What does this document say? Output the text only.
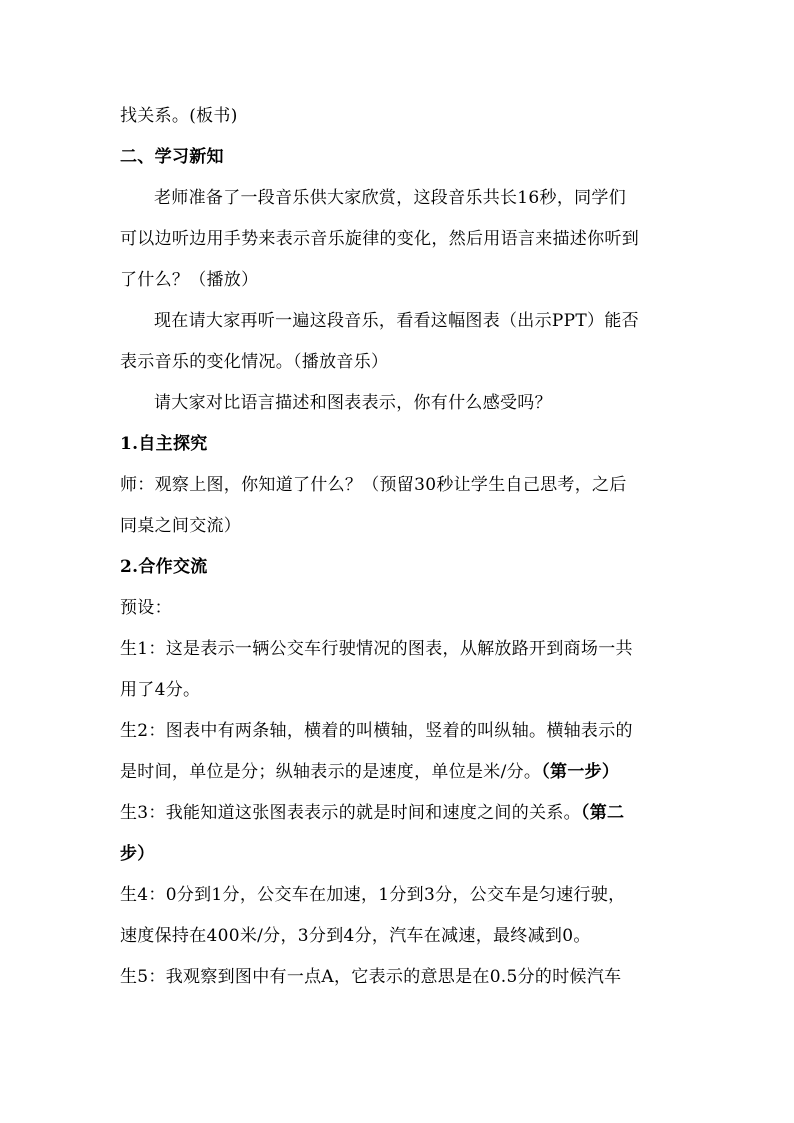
找关系。(板书)
二、学习新知
老师准备了一段音乐供大家欣赏，这段音乐共长16秒，同学们
可以边听边用手势来表示音乐旋律的变化，然后用语言来描述你听到
了什么？（播放）
现在请大家再听一遍这段音乐，看看这幅图表（出示PPT）能否
表示音乐的变化情况。（播放音乐）
请大家对比语言描述和图表表示，你有什么感受吗？
1.自主探究
师：观察上图，你知道了什么？（预留30秒让学生自己思考，之后
同桌之间交流）
2.合作交流
预设：
生1：这是表示一辆公交车行驶情况的图表，从解放路开到商场一共
用了4分。
生2：图表中有两条轴，横着的叫横轴，竖着的叫纵轴。横轴表示的
是时间，单位是分；纵轴表示的是速度，单位是米/分。（第一步）
生3：我能知道这张图表表示的就是时间和速度之间的关系。（第二
步）
生4：0分到1分，公交车在加速，1分到3分，公交车是匀速行驶，
速度保持在400米/分，3分到4分，汽车在减速，最终减到0。
生5：我观察到图中有一点A，它表示的意思是在0.5分的时候汽车
